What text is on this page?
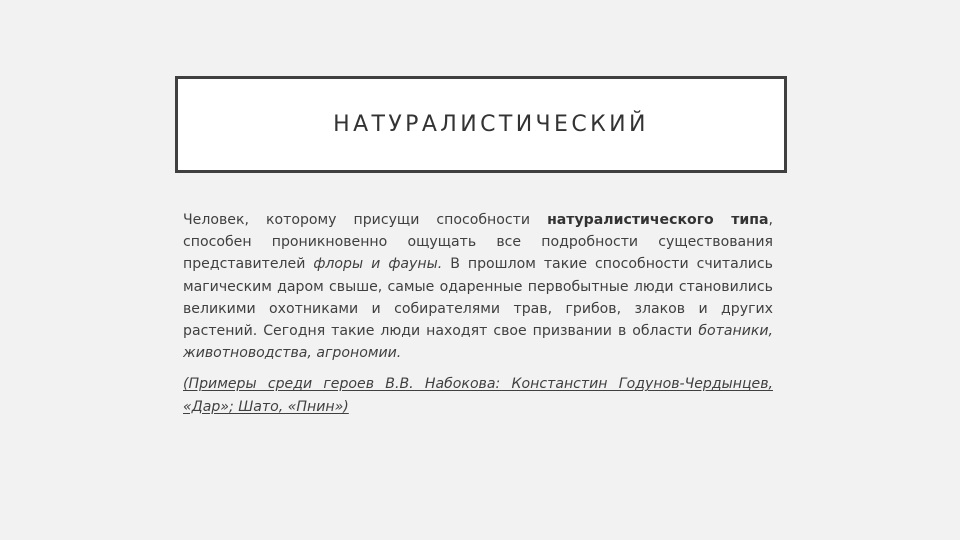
НАТУРАЛИСТИЧЕСКИЙ

Человек, которому присущи способности натуралистического типа, способен проникновенно ощущать все подробности существования представителей флоры и фауны. В прошлом такие способности считались магическим даром свыше, самые одаренные первобытные люди становились великими охотниками и собирателями трав, грибов, злаков и других растений. Сегодня такие люди находят свое призвании в области ботаники, животноводства, агрономии.

(Примеры среди героев В.В. Набокова: Констанстин Годунов-Чердынцев, «Дар»; Шато, «Пнин»)
